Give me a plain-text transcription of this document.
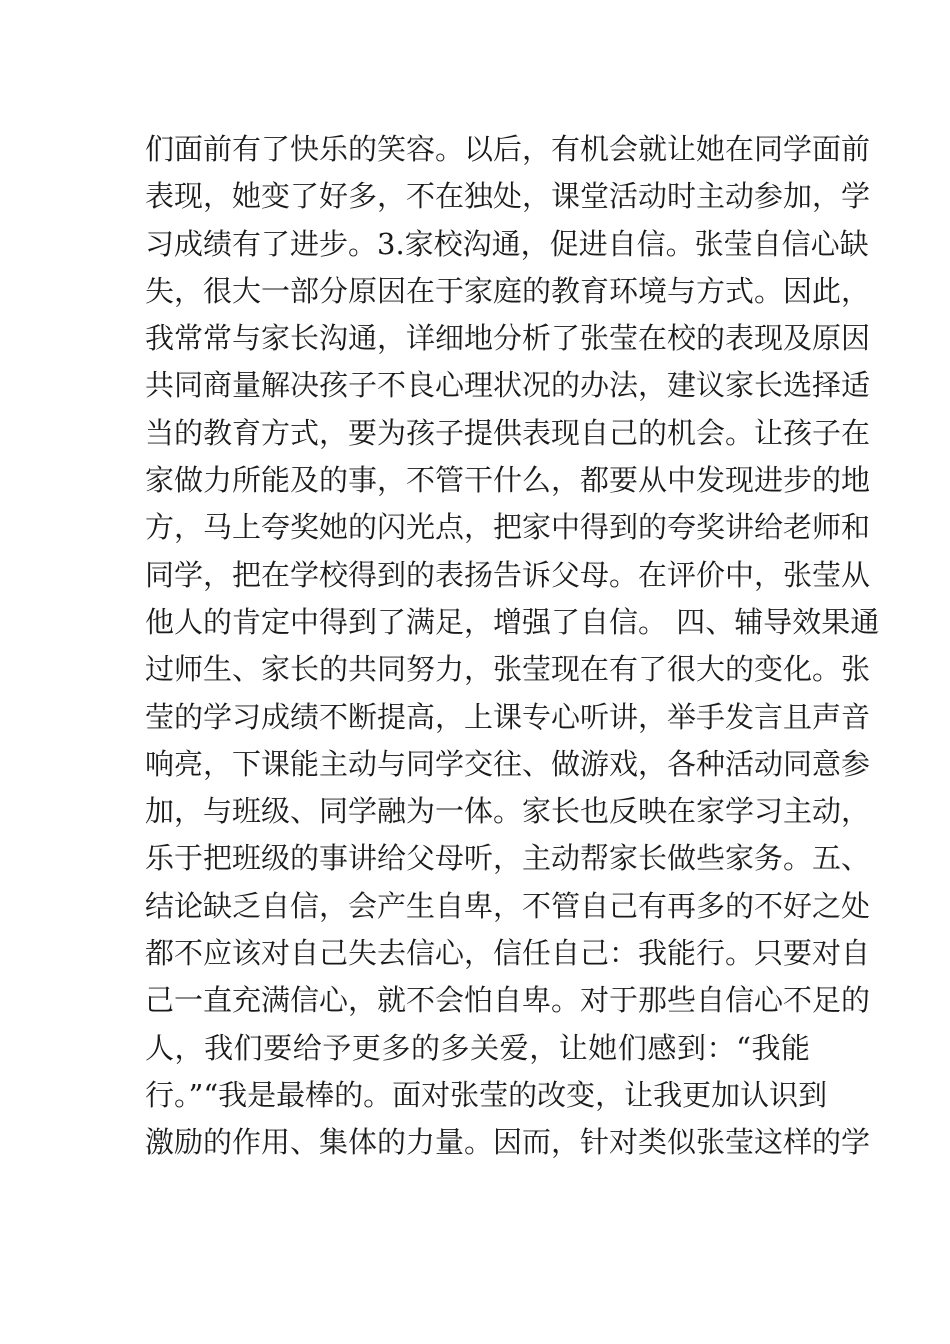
们面前有了快乐的笑容。以后，有机会就让她在同学面前
表现，她变了好多，不在独处，课堂活动时主动参加，学
习成绩有了进步。3.家校沟通，促进自信。张莹自信心缺
失，很大一部分原因在于家庭的教育环境与方式。因此，
我常常与家长沟通，详细地分析了张莹在校的表现及原因
共同商量解决孩子不良心理状况的办法，建议家长选择适
当的教育方式，要为孩子提供表现自己的机会。让孩子在
家做力所能及的事，不管干什么，都要从中发现进步的地
方，马上夸奖她的闪光点，把家中得到的夸奖讲给老师和
同学，把在学校得到的表扬告诉父母。在评价中，张莹从
他人的肯定中得到了满足，增强了自信。 四、辅导效果通
过师生、家长的共同努力，张莹现在有了很大的变化。张
莹的学习成绩不断提高，上课专心听讲，举手发言且声音
响亮，下课能主动与同学交往、做游戏，各种活动同意参
加，与班级、同学融为一体。家长也反映在家学习主动，
乐于把班级的事讲给父母听，主动帮家长做些家务。五、
结论缺乏自信，会产生自卑，不管自己有再多的不好之处
都不应该对自己失去信心，信任自己：我能行。只要对自
己一直充满信心，就不会怕自卑。对于那些自信心不足的
人，我们要给予更多的多关爱，让她们感到：“我能
行。”“我是最棒的。面对张莹的改变，让我更加认识到
激励的作用、集体的力量。因而，针对类似张莹这样的学
